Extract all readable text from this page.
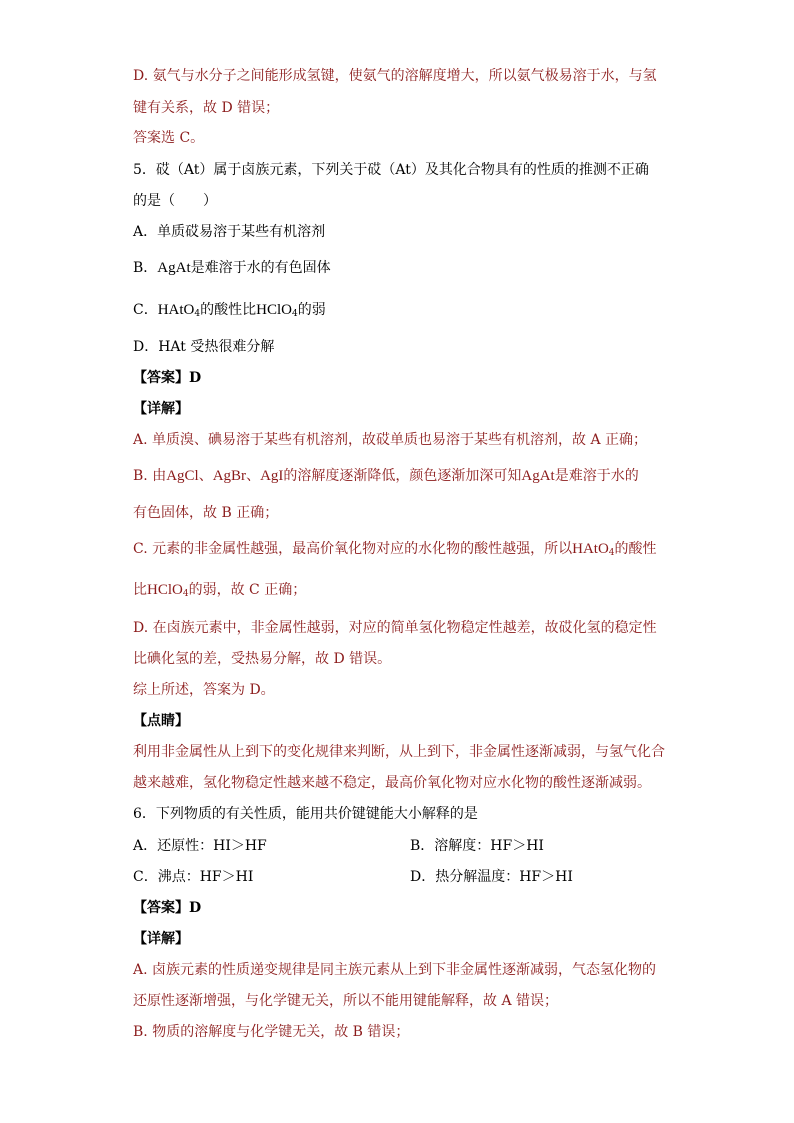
D. 氨气与水分子之间能形成氢键，使氨气的溶解度增大，所以氨气极易溶于水，与氢
键有关系，故 D 错误；
答案选 C。
5．砹（At）属于卤族元素，下列关于砹（At）及其化合物具有的性质的推测不正确
的是（　　）
A．单质砹易溶于某些有机溶剂
B．AgAt是难溶于水的有色固体
C．HAtO$_4$的酸性比HClO$_4$的弱
D．HAt 受热很难分解
【答案】D
【详解】
A. 单质溴、碘易溶于某些有机溶剂，故砹单质也易溶于某些有机溶剂，故 A 正确；
B. 由AgCl、AgBr、AgI的溶解度逐渐降低，颜色逐渐加深可知AgAt是难溶于水的
有色固体，故 B 正确；
C. 元素的非金属性越强，最高价氧化物对应的水化物的酸性越强，所以HAtO$_4$的酸性
比HClO$_4$的弱，故 C 正确；
D. 在卤族元素中，非金属性越弱，对应的简单氢化物稳定性越差，故砹化氢的稳定性
比碘化氢的差，受热易分解，故 D 错误。
综上所述，答案为 D。
【点睛】
利用非金属性从上到下的变化规律来判断，从上到下，非金属性逐渐减弱，与氢气化合
越来越难，氢化物稳定性越来越不稳定，最高价氧化物对应水化物的酸性逐渐减弱。
6．下列物质的有关性质，能用共价键键能大小解释的是
A．还原性：HI＞HF	B．溶解度：HF＞HI
C．沸点：HF＞HI	D．热分解温度：HF＞HI
【答案】D
【详解】
A. 卤族元素的性质递变规律是同主族元素从上到下非金属性逐渐减弱，气态氢化物的
还原性逐渐增强，与化学键无关，所以不能用键能解释，故 A 错误；
B. 物质的溶解度与化学键无关，故 B 错误；
